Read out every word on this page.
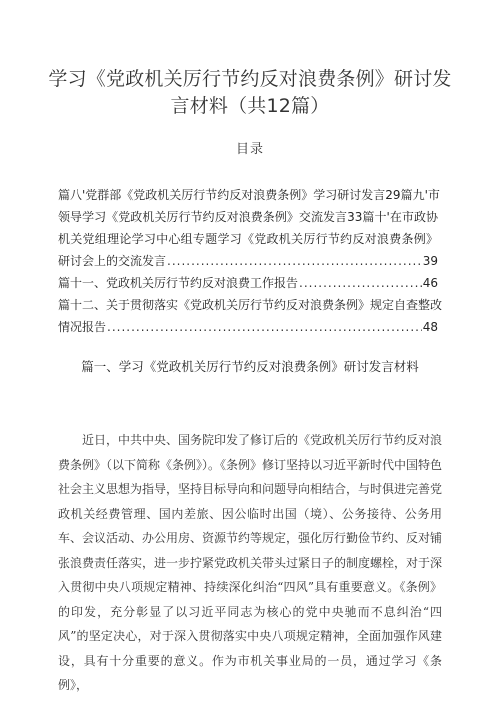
学习《党政机关厉行节约反对浪费条例》研讨发言材料（共12篇）
目录
篇八'党群部《党政机关厉行节约反对浪费条例》学习研讨发言29篇九'市
领导学习《党政机关厉行节约反对浪费条例》交流发言33篇十'在市政协
机关党组理论学习中心组专题学习《党政机关厉行节约反对浪费条例》
研讨会上的交流发言 .....	39
篇十一、党政机关厉行节约反对浪费工作报告 .....	46
篇十二、关于贯彻落实《党政机关厉行节约反对浪费条例》规定自查整改
情况报告 .....	48
篇一、学习《党政机关厉行节约反对浪费条例》研讨发言材料

近日，中共中央、国务院印发了修订后的《党政机关厉行节约反对浪费条例》（以下简称《条例》）。《条例》修订坚持以习近平新时代中国特色社会主义思想为指导，坚持目标导向和问题导向相结合，与时俱进完善党政机关经费管理、国内差旅、因公临时出国（境）、公务接待、公务用车、会议活动、办公用房、资源节约等规定，强化厉行勤俭节约、反对铺张浪费责任落实，进一步拧紧党政机关带头过紧日子的制度螺栓，对于深入贯彻中央八项规定精神、持续深化纠治“四风”具有重要意义。《条例》的印发，充分彰显了以习近平同志为核心的党中央驰而不息纠治“四风”的坚定决心，对于深入贯彻落实中央八项规定精神，全面加强作风建设，具有十分重要的意义。作为市机关事业局的一员，通过学习《条例》，
